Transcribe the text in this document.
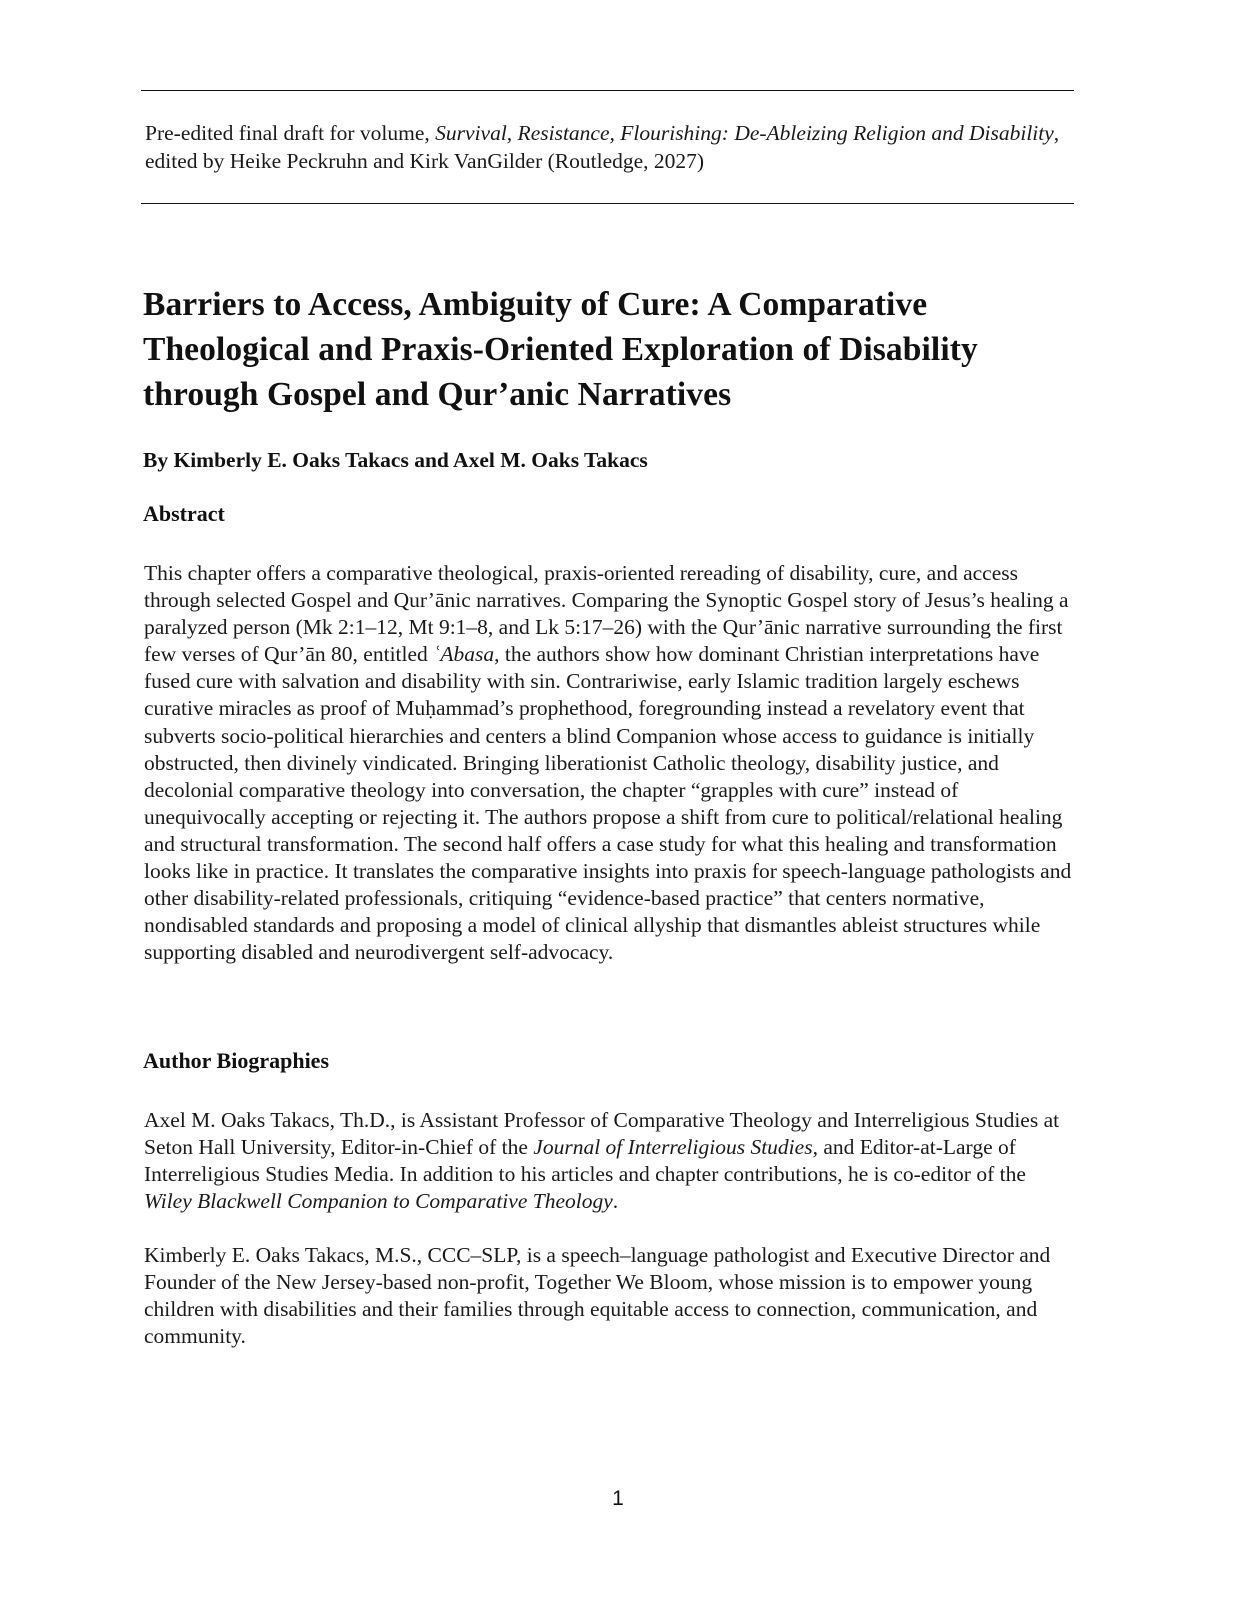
Pre-edited final draft for volume, Survival, Resistance, Flourishing: De-Ableizing Religion and Disability,
edited by Heike Peckruhn and Kirk VanGilder (Routledge, 2027)

Barriers to Access, Ambiguity of Cure: A Comparative Theological and Praxis-Oriented Exploration of Disability through Gospel and Qur’anic Narratives
By Kimberly E. Oaks Takacs and Axel M. Oaks Takacs
Abstract

This chapter offers a comparative theological, praxis-oriented rereading of disability, cure, and access through selected Gospel and Qur’ānic narratives. Comparing the Synoptic Gospel story of Jesus’s healing a paralyzed person (Mk 2:1–12, Mt 9:1–8, and Lk 5:17–26) with the Qur’ānic narrative surrounding the first few verses of Qur’ān 80, entitled ʿAbasa, the authors show how dominant Christian interpretations have fused cure with salvation and disability with sin. Contrariwise, early Islamic tradition largely eschews curative miracles as proof of Muḥammad’s prophethood, foregrounding instead a revelatory event that subverts socio-political hierarchies and centers a blind Companion whose access to guidance is initially obstructed, then divinely vindicated. Bringing liberationist Catholic theology, disability justice, and decolonial comparative theology into conversation, the chapter “grapples with cure” instead of unequivocally accepting or rejecting it. The authors propose a shift from cure to political/relational healing and structural transformation. The second half offers a case study for what this healing and transformation looks like in practice. It translates the comparative insights into praxis for speech-language pathologists and other disability-related professionals, critiquing “evidence-based practice” that centers normative, nondisabled standards and proposing a model of clinical allyship that dismantles ableist structures while supporting disabled and neurodivergent self-advocacy.

Author Biographies

Axel M. Oaks Takacs, Th.D., is Assistant Professor of Comparative Theology and Interreligious Studies at Seton Hall University, Editor-in-Chief of the Journal of Interreligious Studies, and Editor-at-Large of Interreligious Studies Media. In addition to his articles and chapter contributions, he is co-editor of the Wiley Blackwell Companion to Comparative Theology.

Kimberly E. Oaks Takacs, M.S., CCC–SLP, is a speech–language pathologist and Executive Director and Founder of the New Jersey-based non-profit, Together We Bloom, whose mission is to empower young children with disabilities and their families through equitable access to connection, communication, and community.

1
